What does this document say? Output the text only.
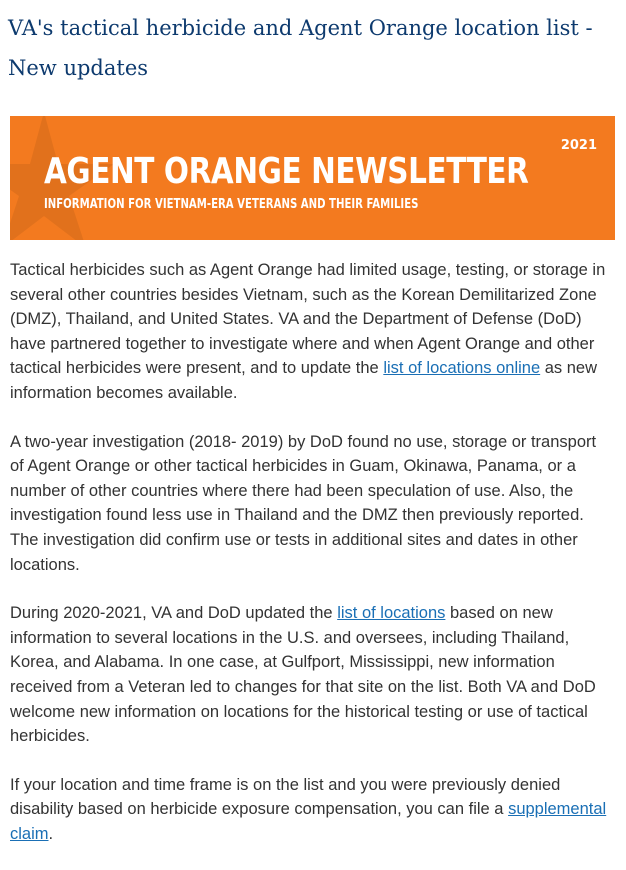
VA's tactical herbicide and Agent Orange location list - New updates
2021
AGENT ORANGE NEWSLETTER
INFORMATION FOR VIETNAM-ERA VETERANS AND THEIR FAMILIES

Tactical herbicides such as Agent Orange had limited usage, testing, or storage in several other countries besides Vietnam, such as the Korean Demilitarized Zone (DMZ), Thailand, and United States. VA and the Department of Defense (DoD) have partnered together to investigate where and when Agent Orange and other tactical herbicides were present, and to update the list of locations online as new information becomes available.

A two-year investigation (2018- 2019) by DoD found no use, storage or transport of Agent Orange or other tactical herbicides in Guam, Okinawa, Panama, or a number of other countries where there had been speculation of use. Also, the investigation found less use in Thailand and the DMZ then previously reported. The investigation did confirm use or tests in additional sites and dates in other locations.

During 2020-2021, VA and DoD updated the list of locations based on new information to several locations in the U.S. and oversees, including Thailand, Korea, and Alabama. In one case, at Gulfport, Mississippi, new information received from a Veteran led to changes for that site on the list. Both VA and DoD welcome new information on locations for the historical testing or use of tactical herbicides.

If your location and time frame is on the list and you were previously denied disability based on herbicide exposure compensation, you can file a supplemental claim.
